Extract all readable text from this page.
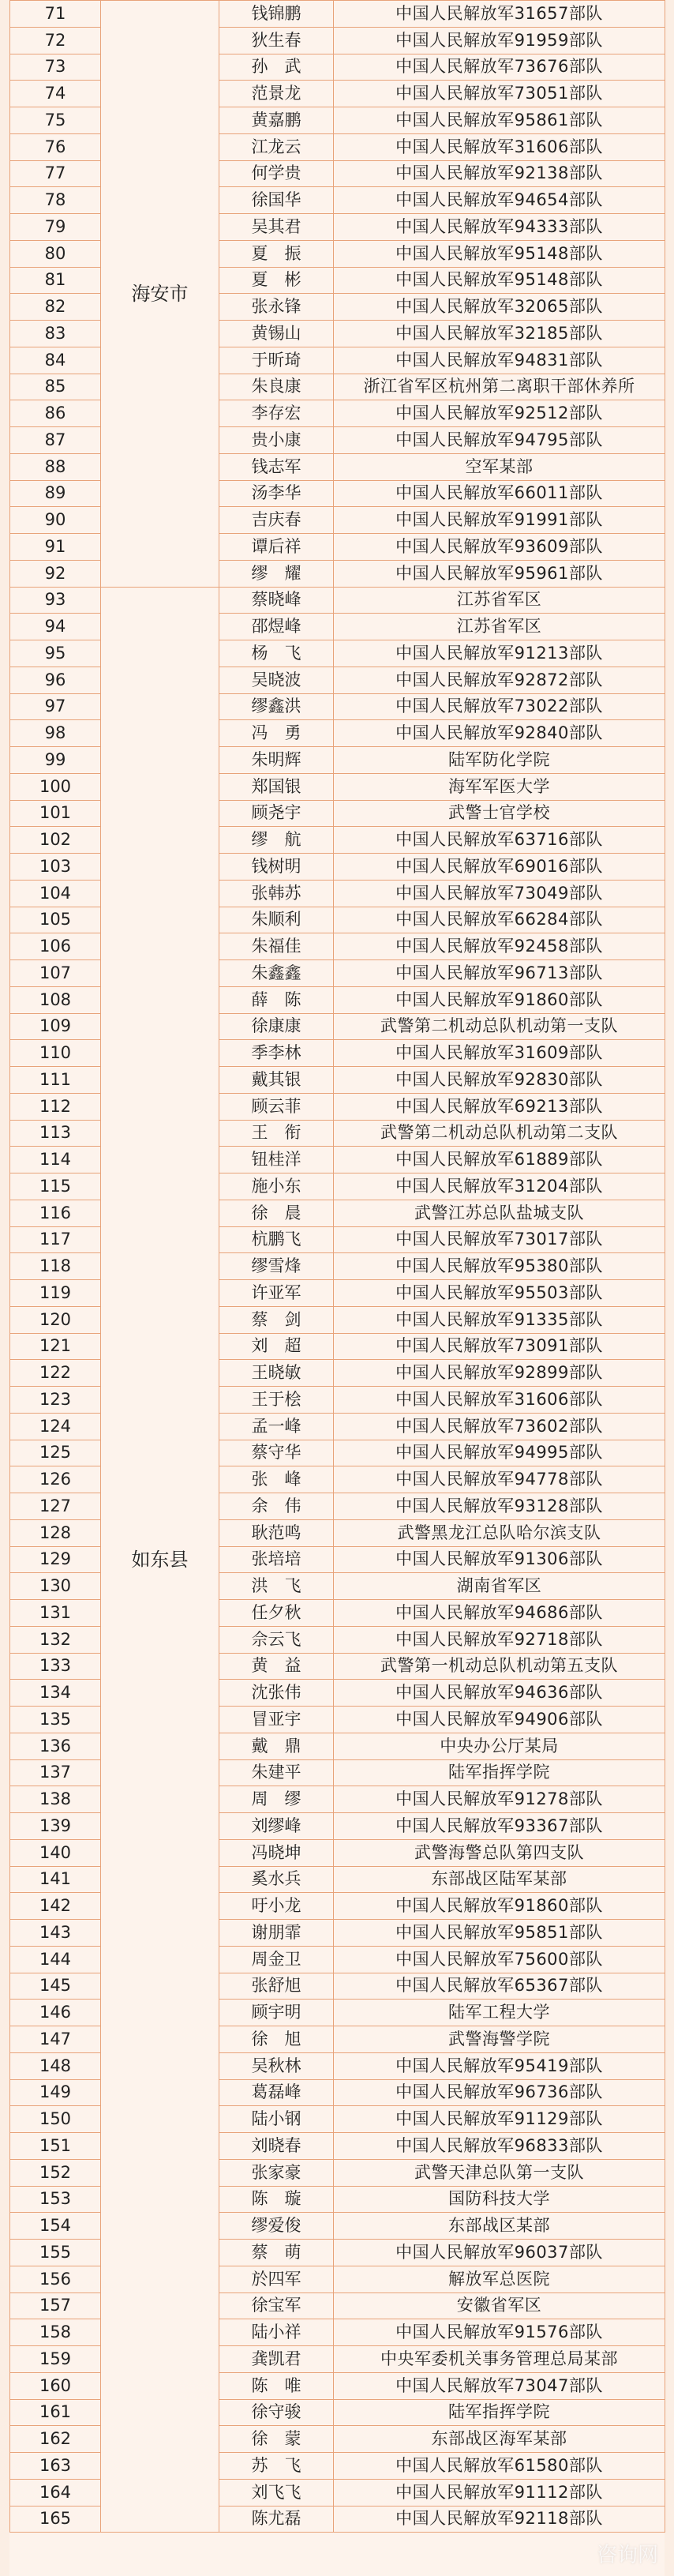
71	海安市	钱锦鹏	中国人民解放军31657部队
72		狄生春	中国人民解放军91959部队
73		孙　武	中国人民解放军73676部队
74		范景龙	中国人民解放军73051部队
75		黄嘉鹏	中国人民解放军95861部队
76		江龙云	中国人民解放军31606部队
77		何学贵	中国人民解放军92138部队
78		徐国华	中国人民解放军94654部队
79		吴其君	中国人民解放军94333部队
80		夏　振	中国人民解放军95148部队
81		夏　彬	中国人民解放军95148部队
82		张永锋	中国人民解放军32065部队
83		黄锡山	中国人民解放军32185部队
84		于昕琦	中国人民解放军94831部队
85		朱良康	浙江省军区杭州第二离职干部休养所
86		李存宏	中国人民解放军92512部队
87		贵小康	中国人民解放军94795部队
88		钱志军	空军某部
89		汤李华	中国人民解放军66011部队
90		吉庆春	中国人民解放军91991部队
91		谭后祥	中国人民解放军93609部队
92		缪　耀	中国人民解放军95961部队
93	如东县	蔡晓峰	江苏省军区
94		邵煜峰	江苏省军区
95		杨　飞	中国人民解放军91213部队
96		吴晓波	中国人民解放军92872部队
97		缪鑫洪	中国人民解放军73022部队
98		冯　勇	中国人民解放军92840部队
99		朱明辉	陆军防化学院
100		郑国银	海军军医大学
101		顾尧宇	武警士官学校
102		缪　航	中国人民解放军63716部队
103		钱树明	中国人民解放军69016部队
104		张韩苏	中国人民解放军73049部队
105		朱顺利	中国人民解放军66284部队
106		朱福佳	中国人民解放军92458部队
107		朱鑫鑫	中国人民解放军96713部队
108		薛　陈	中国人民解放军91860部队
109		徐康康	武警第二机动总队机动第一支队
110		季李林	中国人民解放军31609部队
111		戴其银	中国人民解放军92830部队
112		顾云菲	中国人民解放军69213部队
113		王　衔	武警第二机动总队机动第二支队
114		钮桂洋	中国人民解放军61889部队
115		施小东	中国人民解放军31204部队
116		徐　晨	武警江苏总队盐城支队
117		杭鹏飞	中国人民解放军73017部队
118		缪雪烽	中国人民解放军95380部队
119		许亚军	中国人民解放军95503部队
120		蔡　剑	中国人民解放军91335部队
121		刘　超	中国人民解放军73091部队
122		王晓敏	中国人民解放军92899部队
123		王于桧	中国人民解放军31606部队
124		孟一峰	中国人民解放军73602部队
125		蔡守华	中国人民解放军94995部队
126		张　峰	中国人民解放军94778部队
127		余　伟	中国人民解放军93128部队
128		耿范鸣	武警黑龙江总队哈尔滨支队
129		张培培	中国人民解放军91306部队
130		洪　飞	湖南省军区
131		任夕秋	中国人民解放军94686部队
132		佘云飞	中国人民解放军92718部队
133		黄　益	武警第一机动总队机动第五支队
134		沈张伟	中国人民解放军94636部队
135		冒亚宇	中国人民解放军94906部队
136		戴　鼎	中央办公厅某局
137		朱建平	陆军指挥学院
138		周　缪	中国人民解放军91278部队
139		刘缪峰	中国人民解放军93367部队
140		冯晓坤	武警海警总队第四支队
141		奚水兵	东部战区陆军某部
142		吁小龙	中国人民解放军91860部队
143		谢朋霏	中国人民解放军95851部队
144		周金卫	中国人民解放军75600部队
145		张舒旭	中国人民解放军65367部队
146		顾宇明	陆军工程大学
147		徐　旭	武警海警学院
148		吴秋林	中国人民解放军95419部队
149		葛磊峰	中国人民解放军96736部队
150		陆小钢	中国人民解放军91129部队
151		刘晓春	中国人民解放军96833部队
152		张家豪	武警天津总队第一支队
153		陈　璇	国防科技大学
154		缪爱俊	东部战区某部
155		蔡　萌	中国人民解放军96037部队
156		於四军	解放军总医院
157		徐宝军	安徽省军区
158		陆小祥	中国人民解放军91576部队
159		龚凯君	中央军委机关事务管理总局某部
160		陈　唯	中国人民解放军73047部队
161		徐守骏	陆军指挥学院
162		徐　蒙	东部战区海军某部
163		苏　飞	中国人民解放军61580部队
164		刘飞飞	中国人民解放军91112部队
165		陈尤磊	中国人民解放军92118部队
咨询网
